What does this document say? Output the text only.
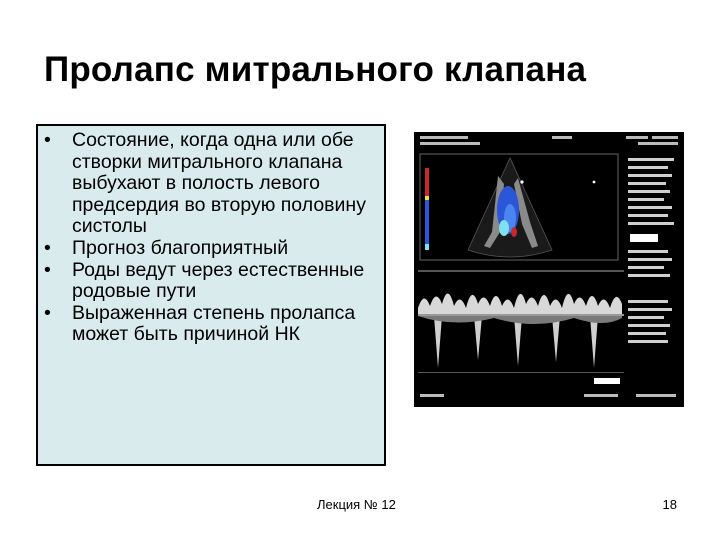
Пролапс митрального клапана
• Состояние, когда одна или обе створки митрального клапана выбухают в полость левого предсердия во вторую половину систолы
• Прогноз благоприятный
• Роды ведут через естественные родовые пути
• Выраженная степень пролапса может быть причиной НК
Лекция № 12	18
